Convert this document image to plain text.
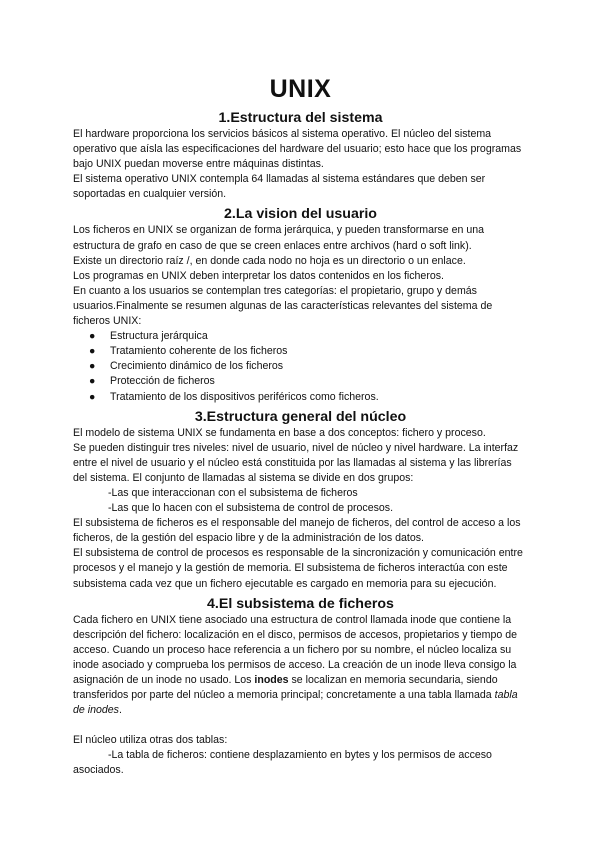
UNIX
1.Estructura del sistema

El hardware proporciona los servicios básicos al sistema operativo. El núcleo del sistema operativo que aísla las especificaciones del hardware del usuario; esto hace que los programas bajo UNIX puedan moverse entre máquinas distintas.

El sistema operativo UNIX contempla 64 llamadas al sistema estándares que deben ser soportadas en cualquier versión.

2.La vision del usuario

Los ficheros en UNIX se organizan de forma jerárquica, y pueden transformarse en una estructura de grafo en caso de que se creen enlaces entre archivos (hard o soft link).

Existe un directorio raíz /, en donde cada nodo no hoja es un directorio o un enlace.

Los programas en UNIX deben interpretar los datos contenidos en los ficheros.

En cuanto a los usuarios se contemplan tres categorías: el propietario, grupo y demás usuarios.Finalmente se resumen algunas de las características relevantes del sistema de ficheros UNIX:

● Estructura jerárquica
● Tratamiento coherente de los ficheros
● Crecimiento dinámico de los ficheros
● Protección de ficheros
● Tratamiento de los dispositivos periféricos como ficheros.
3.Estructura general del núcleo

El modelo de sistema UNIX se fundamenta en base a dos conceptos: fichero y proceso.

Se pueden distinguir tres niveles: nivel de usuario, nivel de núcleo y nivel hardware. La interfaz entre el nivel de usuario y el núcleo está constituida por las llamadas al sistema y las librerías del sistema. El conjunto de llamadas al sistema se divide en dos grupos:

-Las que interaccionan con el subsistema de ficheros

-Las que lo hacen con el subsistema de control de procesos.

El subsistema de ficheros es el responsable del manejo de ficheros, del control de acceso a los ficheros, de la gestión del espacio libre y de la administración de los datos.

El subsistema de control de procesos es responsable de la sincronización y comunicación entre procesos y el manejo y la gestión de memoria. El subsistema de ficheros interactúa con este subsistema cada vez que un fichero ejecutable es cargado en memoria para su ejecución.

4.El subsistema de ficheros

Cada fichero en UNIX tiene asociado una estructura de control llamada inode que contiene la descripción del fichero: localización en el disco, permisos de accesos, propietarios y tiempo de acceso. Cuando un proceso hace referencia a un fichero por su nombre, el núcleo localiza su inode asociado y comprueba los permisos de acceso. La creación de un inode lleva consigo la asignación de un inode no usado. Los inodes se localizan en memoria secundaria, siendo transferidos por parte del núcleo a memoria principal; concretamente a una tabla llamada tabla de inodes.

El núcleo utiliza otras dos tablas:

-La tabla de ficheros: contiene desplazamiento en bytes y los permisos de acceso asociados.
